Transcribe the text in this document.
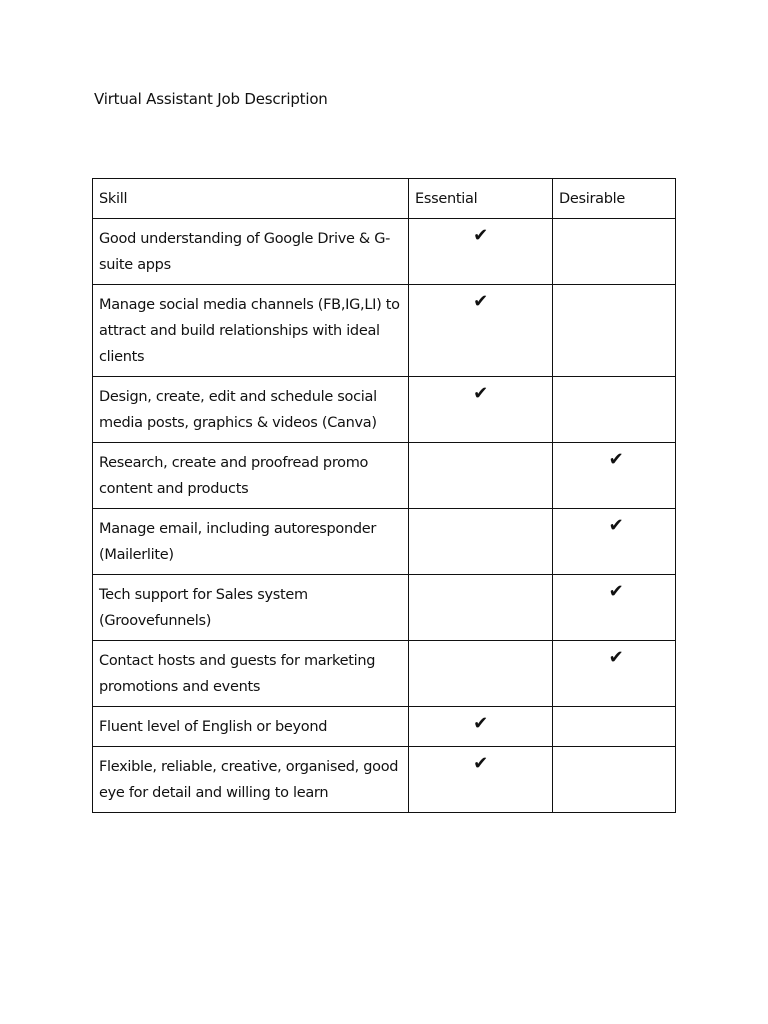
Virtual Assistant Job Description
Skill	Essential	Desirable
Good understanding of Google Drive & G-suite apps	✔	
Manage social media channels (FB,IG,LI) to attract and build relationships with ideal clients	✔	
Design, create, edit and schedule social media posts, graphics & videos (Canva)	✔	
Research, create and proofread promo content and products		✔
Manage email, including autoresponder (Mailerlite)		✔
Tech support for Sales system (Groovefunnels)		✔
Contact hosts and guests for marketing promotions and events		✔
Fluent level of English or beyond	✔	
Flexible, reliable, creative, organised, good eye for detail and willing to learn	✔	
